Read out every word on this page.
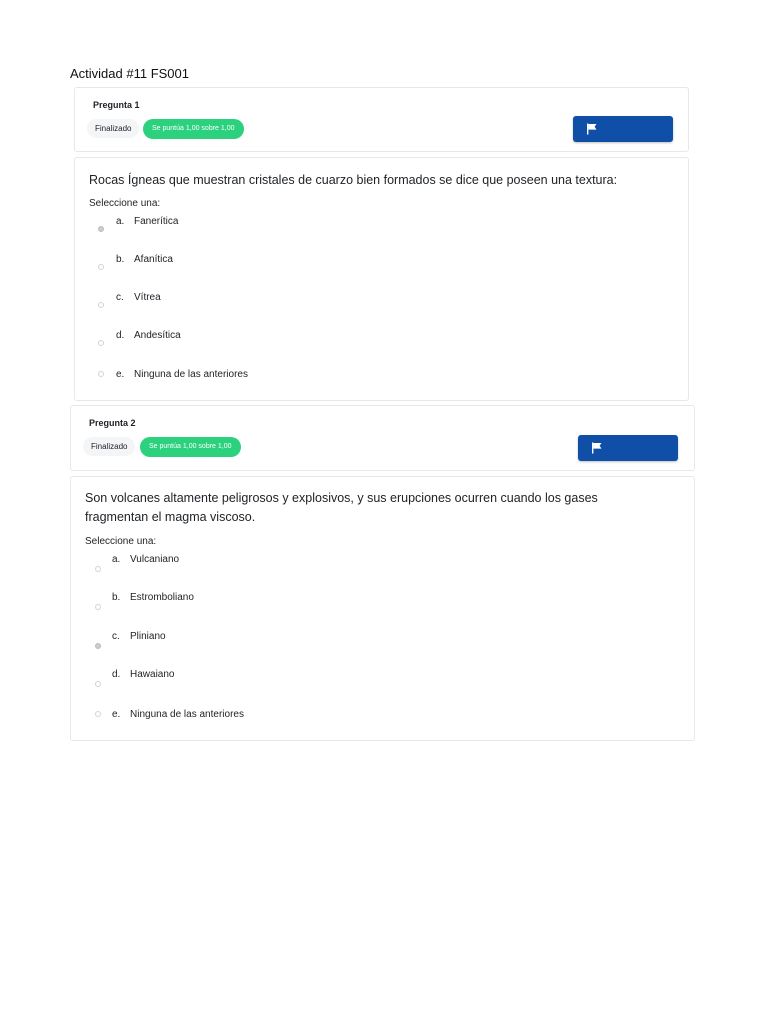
Actividad #11 FS001
Pregunta 1
Finalizado	Se puntúa 1,00 sobre 1,00
Rocas Ígneas que muestran cristales de cuarzo bien formados se dice que poseen una textura:
Seleccione una:
a. Fanerítica
b. Afanítica
c. Vítrea
d. Andesítica
e. Ninguna de las anteriores
Pregunta 2
Finalizado	Se puntúa 1,00 sobre 1,00
Son volcanes altamente peligrosos y explosivos, y sus erupciones ocurren cuando los gases
fragmentan el magma viscoso.
Seleccione una:
a. Vulcaniano
b. Estromboliano
c. Pliniano
d. Hawaiano
e. Ninguna de las anteriores
